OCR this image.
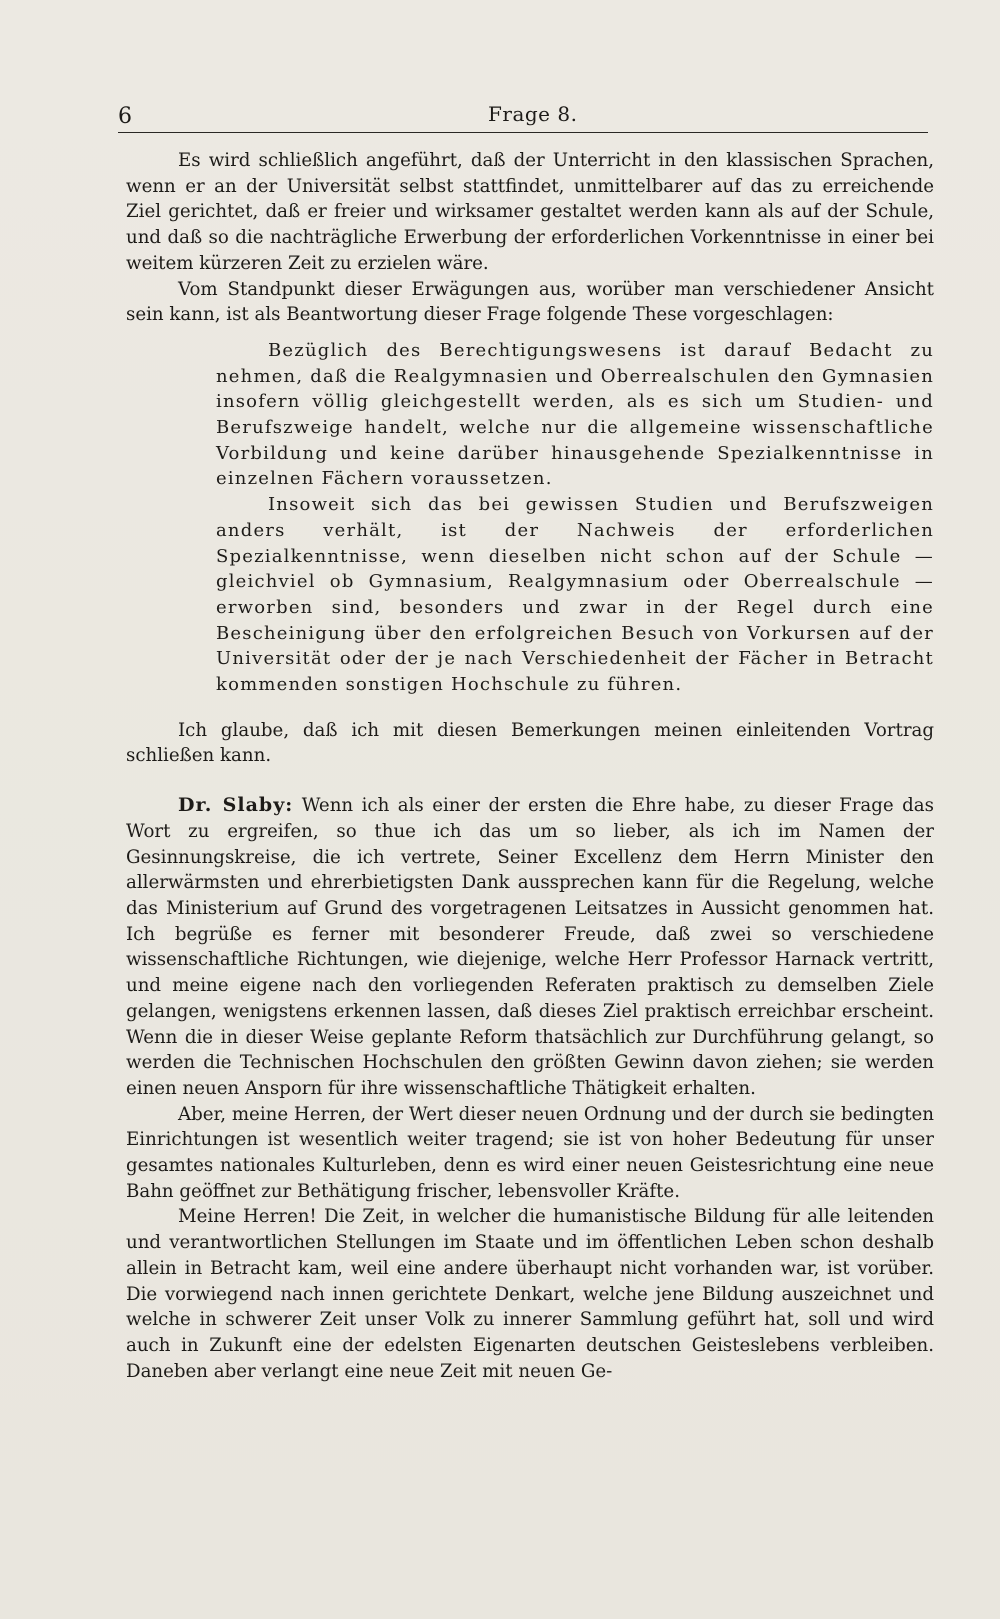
6	Frage 8.

Es wird schließlich angeführt, daß der Unterricht in den klassischen Sprachen, wenn er an der Universität selbst stattfindet, unmittelbarer auf das zu erreichende Ziel gerichtet, daß er freier und wirksamer gestaltet werden kann als auf der Schule, und daß so die nachträgliche Erwerbung der erforderlichen Vorkenntnisse in einer bei weitem kürzeren Zeit zu erzielen wäre.

Vom Standpunkt dieser Erwägungen aus, worüber man verschiedener Ansicht sein kann, ist als Beantwortung dieser Frage folgende These vorgeschlagen:

Bezüglich des Berechtigungswesens ist darauf Bedacht zu nehmen, daß die Realgymnasien und Oberrealschulen den Gymnasien insofern völlig gleichgestellt werden, als es sich um Studien- und Berufszweige handelt, welche nur die allgemeine wissenschaftliche Vorbildung und keine darüber hinausgehende Spezialkenntnisse in einzelnen Fächern voraussetzen.

Insoweit sich das bei gewissen Studien und Berufszweigen anders verhält, ist der Nachweis der erforderlichen Spezialkenntnisse, wenn dieselben nicht schon auf der Schule — gleichviel ob Gymnasium, Realgymnasium oder Oberrealschule — erworben sind, besonders und zwar in der Regel durch eine Bescheinigung über den erfolgreichen Besuch von Vorkursen auf der Universität oder der je nach Verschiedenheit der Fächer in Betracht kommenden sonstigen Hochschule zu führen.

Ich glaube, daß ich mit diesen Bemerkungen meinen einleitenden Vortrag schließen kann.

Dr. Slaby: Wenn ich als einer der ersten die Ehre habe, zu dieser Frage das Wort zu ergreifen, so thue ich das um so lieber, als ich im Namen der Gesinnungskreise, die ich vertrete, Seiner Excellenz dem Herrn Minister den allerwärmsten und ehrerbietigsten Dank aussprechen kann für die Regelung, welche das Ministerium auf Grund des vorgetragenen Leitsatzes in Aussicht genommen hat. Ich begrüße es ferner mit besonderer Freude, daß zwei so verschiedene wissenschaftliche Richtungen, wie diejenige, welche Herr Professor Harnack vertritt, und meine eigene nach den vorliegenden Referaten praktisch zu demselben Ziele gelangen, wenigstens erkennen lassen, daß dieses Ziel praktisch erreichbar erscheint. Wenn die in dieser Weise geplante Reform thatsächlich zur Durchführung gelangt, so werden die Technischen Hochschulen den größten Gewinn davon ziehen; sie werden einen neuen Ansporn für ihre wissenschaftliche Thätigkeit erhalten.

Aber, meine Herren, der Wert dieser neuen Ordnung und der durch sie bedingten Einrichtungen ist wesentlich weiter tragend; sie ist von hoher Bedeutung für unser gesamtes nationales Kulturleben, denn es wird einer neuen Geistesrichtung eine neue Bahn geöffnet zur Bethätigung frischer, lebensvoller Kräfte.

Meine Herren! Die Zeit, in welcher die humanistische Bildung für alle leitenden und verantwortlichen Stellungen im Staate und im öffentlichen Leben schon deshalb allein in Betracht kam, weil eine andere überhaupt nicht vorhanden war, ist vorüber. Die vorwiegend nach innen gerichtete Denkart, welche jene Bildung auszeichnet und welche in schwerer Zeit unser Volk zu innerer Sammlung geführt hat, soll und wird auch in Zukunft eine der edelsten Eigenarten deutschen Geisteslebens verbleiben. Daneben aber verlangt eine neue Zeit mit neuen Ge-
